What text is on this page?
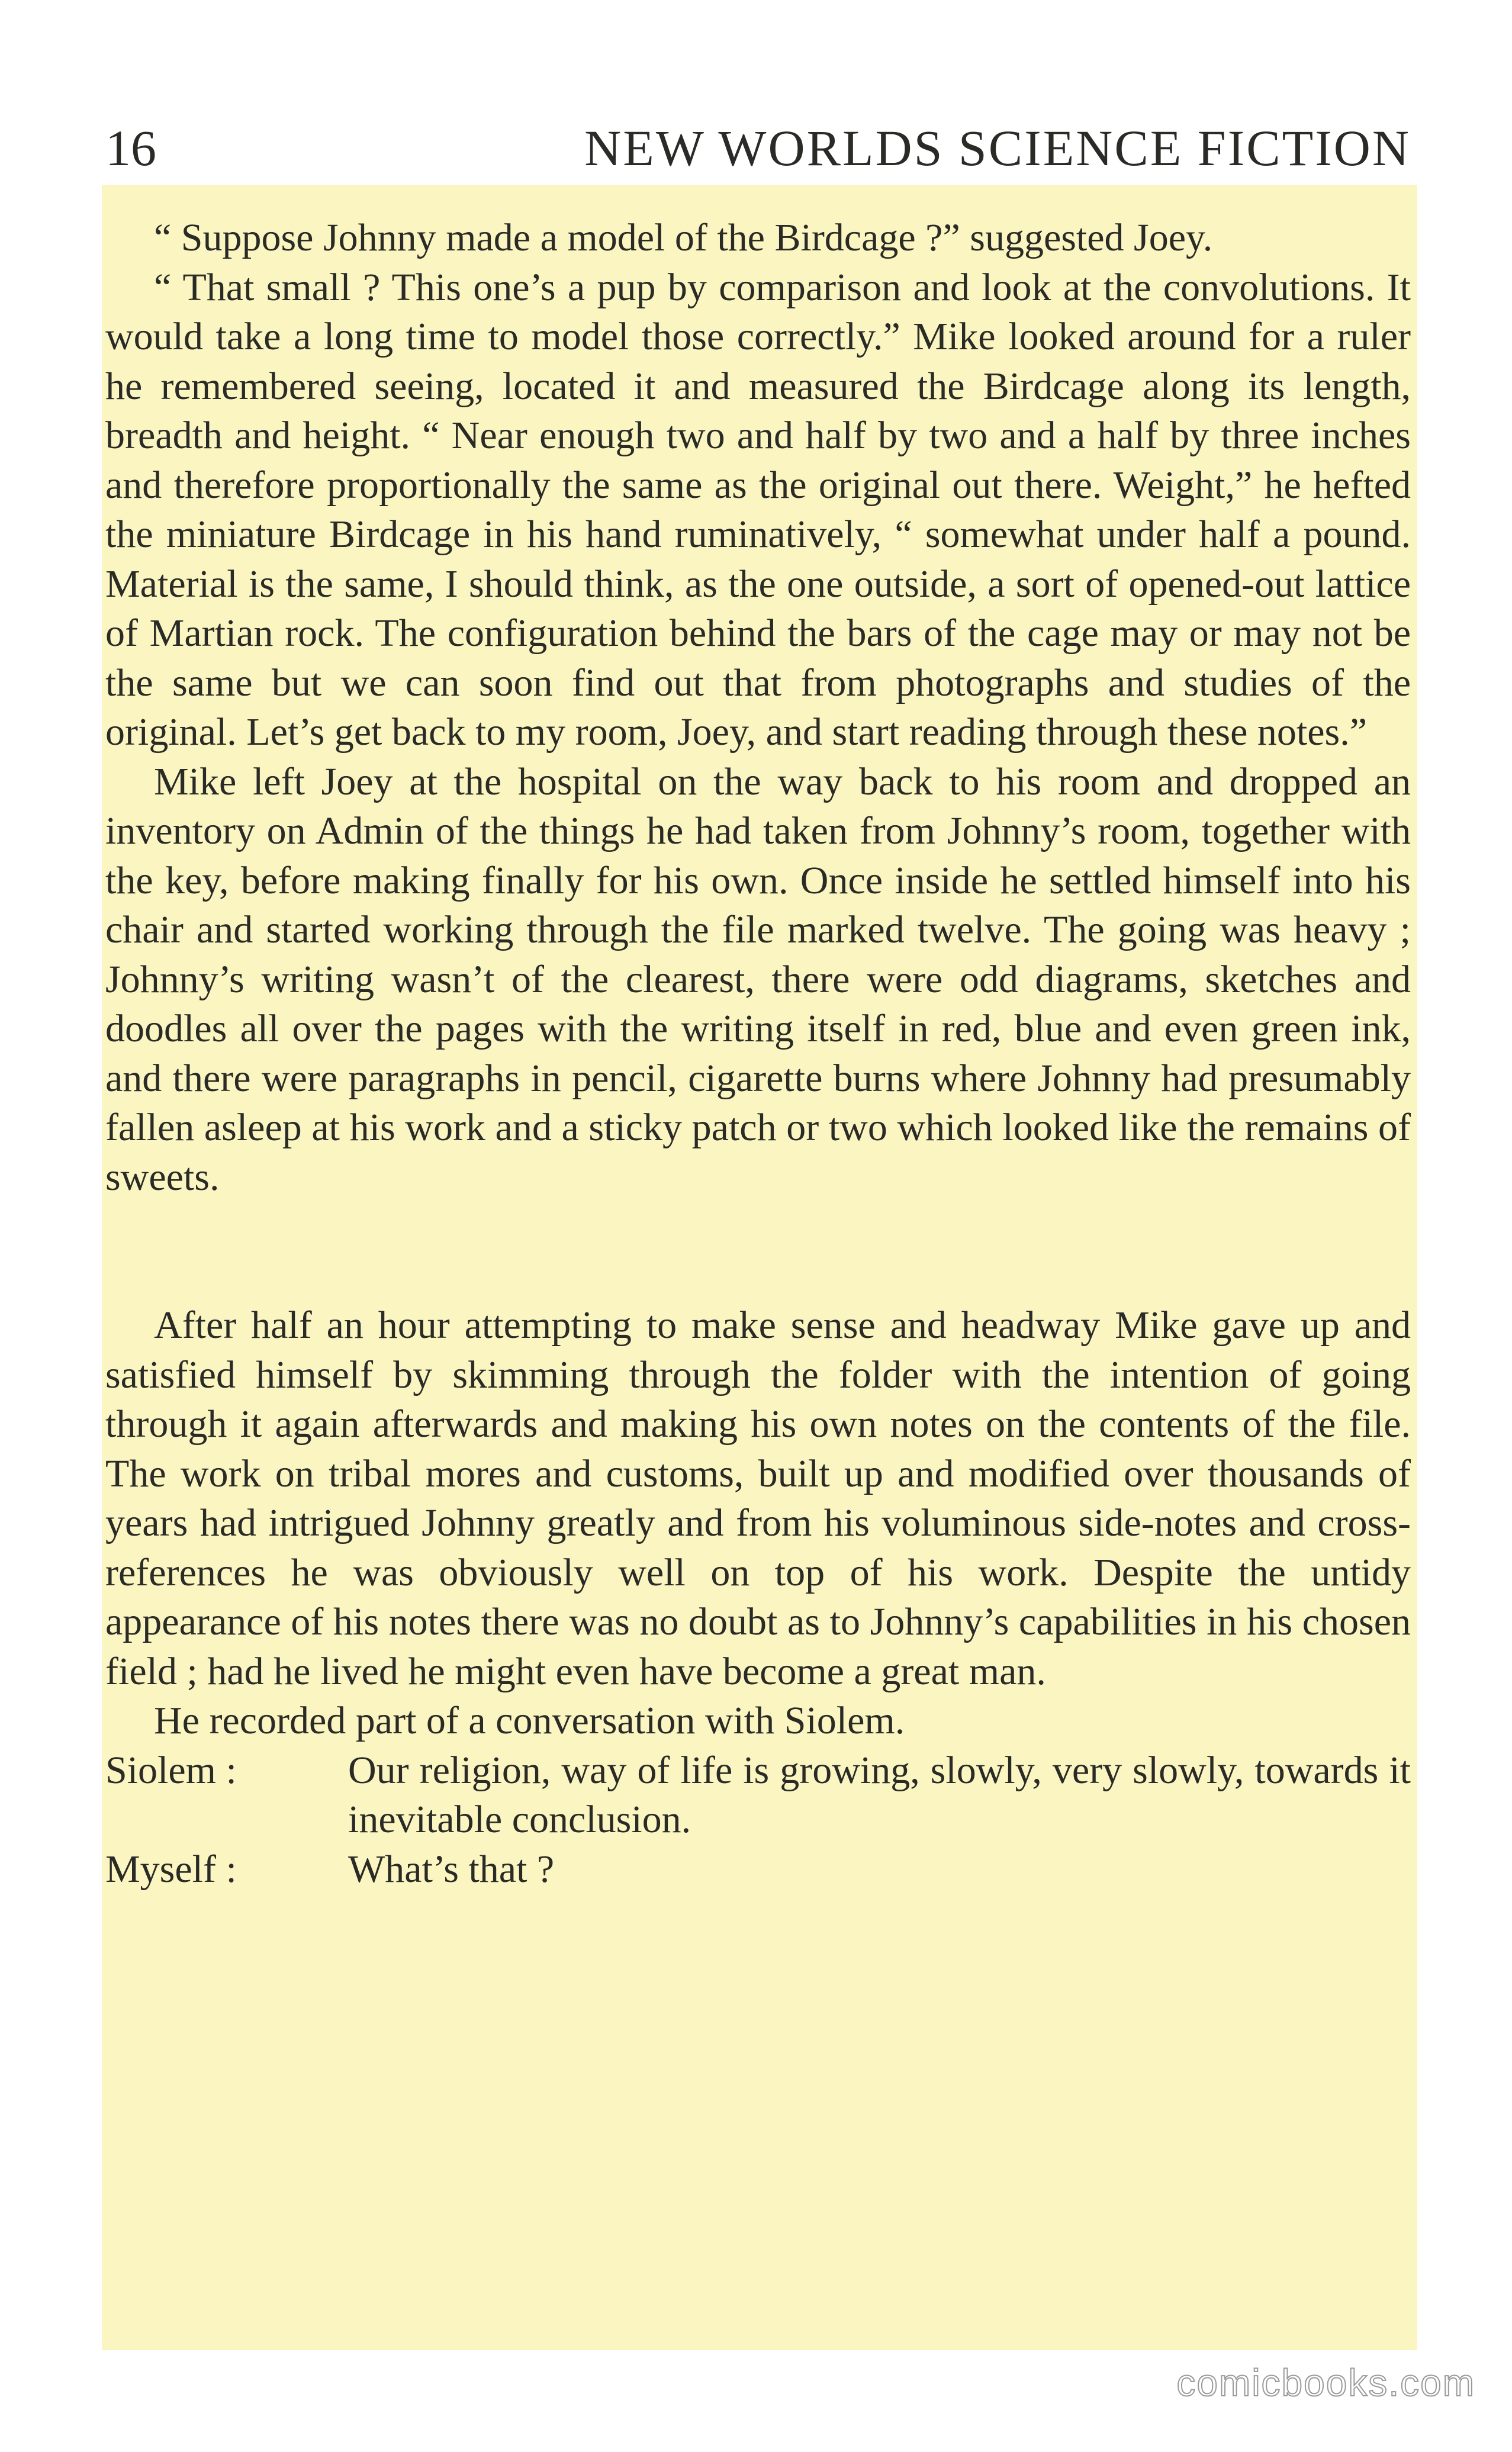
16	NEW WORLDS SCIENCE FICTION

“ Suppose Johnny made a model of the Birdcage ?” suggested Joey.

“ That small ? This one’s a pup by comparison and look at the convolutions. It would take a long time to model those correctly.” Mike looked around for a ruler he remembered seeing, located it and measured the Birdcage along its length, breadth and height. “ Near enough two and half by two and a half by three inches and therefore proportionally the same as the original out there. Weight,” he hefted the miniature Birdcage in his hand ruminatively, “ somewhat under half a pound. Material is the same, I should think, as the one outside, a sort of opened-out lattice of Martian rock. The configuration behind the bars of the cage may or may not be the same but we can soon find out that from photographs and studies of the original. Let’s get back to my room, Joey, and start reading through these notes.”

Mike left Joey at the hospital on the way back to his room and dropped an inventory on Admin of the things he had taken from Johnny’s room, together with the key, before making finally for his own. Once inside he settled himself into his chair and started working through the file marked twelve. The going was heavy ; Johnny’s writing wasn’t of the clearest, there were odd diagrams, sketches and doodles all over the pages with the writing itself in red, blue and even green ink, and there were paragraphs in pencil, cigarette burns where Johnny had presumably fallen asleep at his work and a sticky patch or two which looked like the remains of sweets.

After half an hour attempting to make sense and headway Mike gave up and satisfied himself by skimming through the folder with the intention of going through it again afterwards and making his own notes on the contents of the file. The work on tribal mores and customs, built up and modified over thousands of years had intrigued Johnny greatly and from his voluminous side-notes and cross-references he was obviously well on top of his work. Despite the untidy appearance of his notes there was no doubt as to Johnny’s capabilities in his chosen field ; had he lived he might even have become a great man.

He recorded part of a conversation with Siolem.

Siolem :	Our religion, way of life is growing, slowly, very slowly, towards it inevitable conclusion.
Myself :	What’s that ?
comicbooks.com
